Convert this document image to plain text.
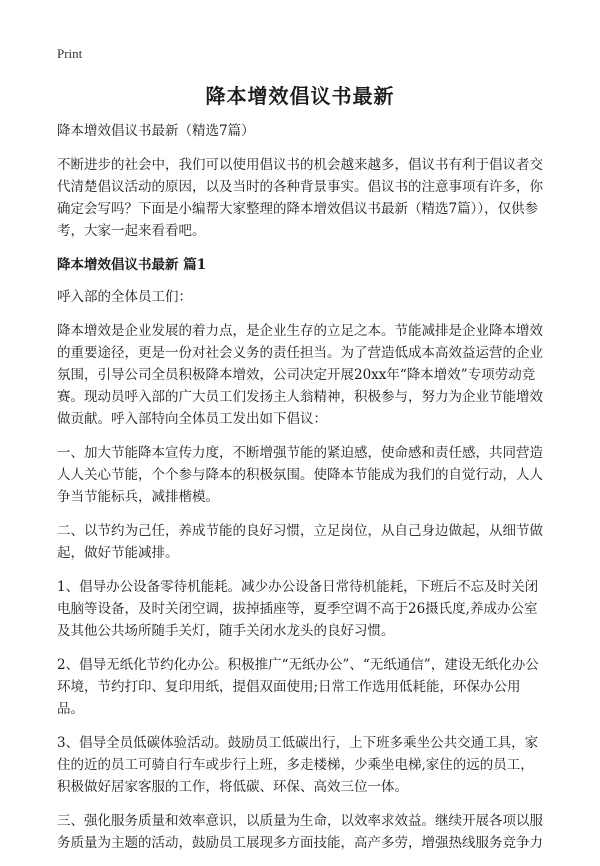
Print
降本增效倡议书最新

降本增效倡议书最新（精选7篇）

不断进步的社会中，我们可以使用倡议书的机会越来越多，倡议书有利于倡议者交代清楚倡议活动的原因，以及当时的各种背景事实。倡议书的注意事项有许多，你确定会写吗？下面是小编帮大家整理的降本增效倡议书最新（精选7篇）），仅供参考，大家一起来看看吧。

降本增效倡议书最新 篇1

呼入部的全体员工们：

降本增效是企业发展的着力点，是企业生存的立足之本。节能减排是企业降本增效的重要途径，更是一份对社会义务的责任担当。为了营造低成本高效益运营的企业氛围，引导公司全员积极降本增效，公司决定开展20xx年“降本增效”专项劳动竞赛。现动员呼入部的广大员工们发扬主人翁精神，积极参与，努力为企业节能增效做贡献。呼入部特向全体员工发出如下倡议：

一、加大节能降本宣传力度，不断增强节能的紧迫感，使命感和责任感，共同营造人人关心节能，个个参与降本的积极氛围。使降本节能成为我们的自觉行动，人人争当节能标兵，减排楷模。

二、以节约为己任，养成节能的良好习惯，立足岗位，从自己身边做起，从细节做起，做好节能减排。

1、倡导办公设备零待机能耗。减少办公设备日常待机能耗，下班后不忘及时关闭电脑等设备，及时关闭空调，拔掉插座等，夏季空调不高于26摄氏度,养成办公室及其他公共场所随手关灯，随手关闭水龙头的良好习惯。

2、倡导无纸化节约化办公。积极推广“无纸办公”、“无纸通信”，建设无纸化办公环境，节约打印、复印用纸，提倡双面使用;日常工作选用低耗能，环保办公用品。

3、倡导全员低碳体验活动。鼓励员工低碳出行，上下班多乘坐公共交通工具，家住的近的员工可骑自行车或步行上班，多走楼梯，少乘坐电梯,家住的远的员工，积极做好居家客服的工作，将低碳、环保、高效三位一体。

三、强化服务质量和效率意识，以质量为生命，以效率求效益。继续开展各项以服务质量为主题的活动，鼓励员工展现多方面技能，高产多劳，增强热线服务竞争力
